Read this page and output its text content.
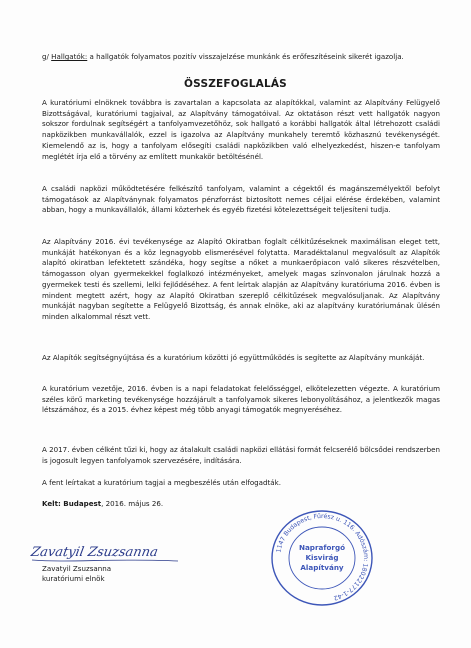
g/ Hallgatók: a hallgatók folyamatos pozitív visszajelzése munkánk és erőfeszítéseink sikerét igazolja.

ÖSSZEFOGLALÁS

A kuratóriumi elnöknek továbbra is zavartalan a kapcsolata az alapítókkal, valamint az Alapítvány Felügyelő Bizottságával, kuratóriumi tagjaival, az Alapítvány támogatóival. Az oktatáson részt vett hallgatók nagyon sokszor fordulnak segítségért a tanfolyamvezetőhöz, sok hallgató a korábbi hallgatók által létrehozott családi napközikben munkavállalók, ezzel is igazolva az Alapítvány munkahely teremtő közhasznú tevékenységét. Kiemelendő az is, hogy a tanfolyam elősegíti családi napközikben való elhelyezkedést, hiszen-e tanfolyam meglétét írja elő a törvény az említett munkakör betöltésénél.

A családi napközi működtetésére felkészítő tanfolyam, valamint a cégektől és magánszemélyektől befolyt támogatások az Alapítványnak folyamatos pénzforrást biztosított nemes céljai elérése érdekében, valamint abban, hogy a munkavállalók, állami közterhek és egyéb fizetési kötelezettségeit teljesíteni tudja.

Az Alapítvány 2016. évi tevékenysége az Alapító Okiratban foglalt célkitűzéseknek maximálisan eleget tett, munkáját hatékonyan és a köz legnagyobb elismerésével folytatta. Maradéktalanul megvalósult az Alapítók alapító okiratban lefektetett szándéka, hogy segítse a nőket a munkaerőpiacon való sikeres részvételben, támogasson olyan gyermekekkel foglalkozó intézményeket, amelyek magas színvonalon járulnak hozzá a gyermekek testi és szellemi, lelki fejlődéséhez. A fent leírtak alapján az Alapítvány kuratóriuma 2016. évben is mindent megtett azért, hogy az Alapító Okiratban szereplő célkitűzések megvalósuljanak. Az Alapítvány munkáját nagyban segítette a Felügyelő Bizottság, és annak elnöke, aki az alapítvány kuratóriumának ülésén minden alkalommal részt vett.

Az Alapítók segítségnyújtása és a kuratórium közötti jó együttműködés is segítette az Alapítvány munkáját.

A kuratórium vezetője, 2016. évben is a napi feladatokat felelősséggel, elkötelezetten végezte. A kuratórium széles körű marketing tevékenysége hozzájárult a tanfolyamok sikeres lebonyolításához, a jelentkezők magas létszámához, és a 2015. évhez képest még több anyagi támogatók megnyeréséhez.

A 2017. évben célként tűzi ki, hogy az átalakult családi napközi ellátási formát felcserélő bölcsődei rendszerben is jogosult legyen tanfolyamok szervezésére, indítására.

A fent leírtakat a kuratórium tagjai a megbeszélés után elfogadták.

Kelt: Budapest, 2016. május 26.

Zavatyil Zsuzsanna

Zavatyil Zsuzsanna

kuratóriumi elnök

1147 Budapest, Fűrész u. 116. Adószám: 18022177-1-42
Napraforgó
Kisvirág
Alapítvány
